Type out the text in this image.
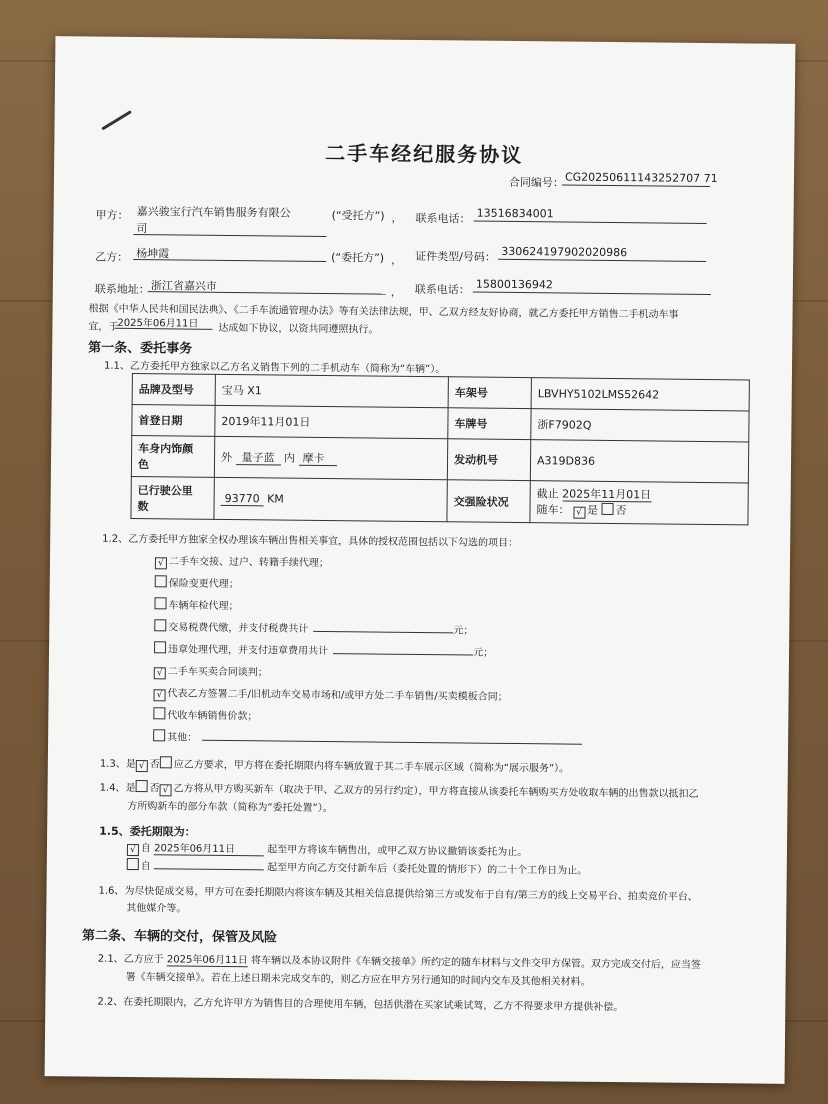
二手车经纪服务协议
合同编号： CG20250611143252707 71
甲方： 嘉兴骏宝行汽车销售服务有限公
司
(“受托方”) ， 联系电话： 13516834001
乙方： 杨坤霞	(“委托方”) ， 证件类型/号码： 330624197902020986
联系地址： 浙江省嘉兴市	， 联系电话： 15800136942
根据《中华人民共和国民法典》、《二手车流通管理办法》等有关法律法规，甲、乙双方经友好协商，就乙方委托甲方销售二手机动车事
宜，于
2025年06月11日	达成如下协议，以资共同遵照执行。
第一条、委托事务
1.1、乙方委托甲方独家以乙方名义销售下列的二手机动车（简称为“车辆”）。
品牌及型号	宝马 X1	车架号	LBVHY5102LMS52642
首登日期	2019年11月01日	车牌号	浙F7902Q
车身内饰颜
色	外 量子蓝 内 摩卡	发动机号	A319D836
已行驶公里
数	93770 KM	交强险状况	截止 2025年11月01日
随车： √ 是 否
1.2、乙方委托甲方独家全权办理该车辆出售相关事宜，具体的授权范围包括以下勾选的项目：
√ 二手车交接、过户、转籍手续代理；
保险变更代理；
车辆年检代理；
交易税费代缴，并支付税费共计	元；
违章处理代理，并支付违章费用共计	元；
√ 二手车买卖合同谈判；
√ 代表乙方签署二手/旧机动车交易市场和/或甲方处二手车销售/买卖模板合同；
代收车辆销售价款；
其他：
1.3、是 √ 否 应乙方要求，甲方将在委托期限内将车辆放置于其二手车展示区域（简称为“展示服务”）。
1.4、是 否 √ 乙方将从甲方购买新车（取决于甲、乙双方的另行约定），甲方将直接从该委托车辆购买方处收取车辆的出售款以抵扣乙
方所购新车的部分车款（简称为“委托处置”）。
1.5、委托期限为：
√ 自 2025年06月11日	起至甲方将该车辆售出，或甲乙双方协议撤销该委托为止。
自	起至甲方向乙方交付新车后（委托处置的情形下）的二十个工作日为止。
1.6、为尽快促成交易，甲方可在委托期限内将该车辆及其相关信息提供给第三方或发布于自有/第三方的线上交易平台、拍卖竞价平台、
其他媒介等。
第二条、车辆的交付，保管及风险
2.1、乙方应于 2025年06月11日 将车辆以及本协议附件《车辆交接单》所约定的随车材料与文件交甲方保管。双方完成交付后，应当签
署《车辆交接单》。若在上述日期未完成交车的，则乙方应在甲方另行通知的时间内交车及其他相关材料。
2.2、在委托期限内，乙方允许甲方为销售目的合理使用车辆，包括供潜在买家试乘试驾，乙方不得要求甲方提供补偿。
